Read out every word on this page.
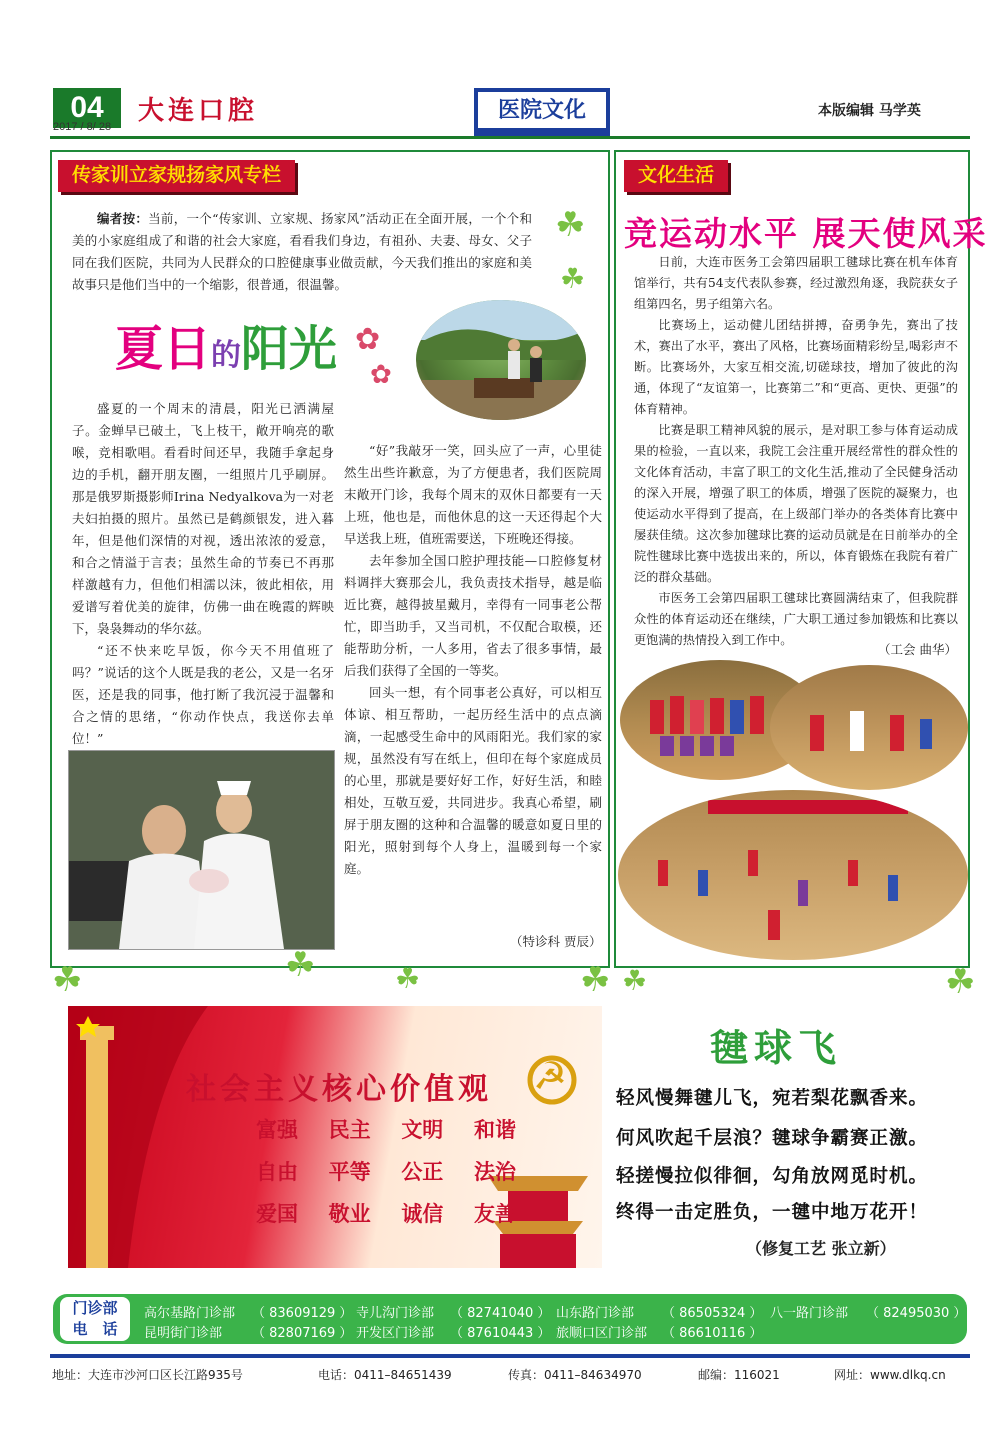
04
2017 / 8/ 28
大连口腔	医院文化	本版编辑 马学英
传家训立家规扬家风专栏

编者按：当前，一个“传家训、立家规、扬家风”活动正在全面开展，一个个和美的小家庭组成了和谐的社会大家庭，看看我们身边，有祖孙、夫妻、母女、父子同在我们医院，共同为人民群众的口腔健康事业做贡献，今天我们推出的家庭和美故事只是他们当中的一个缩影，很普通，很温馨。

☘
☘
✿
✿
夏日的阳光

盛夏的一个周末的清晨，阳光已洒满屋子。金蝉早已破土，飞上枝干，敞开响亮的歌喉，竞相歌唱。看看时间还早，我随手拿起身边的手机，翻开朋友圈，一组照片几乎刷屏。那是俄罗斯摄影师Irina Nedyalkova为一对老夫妇拍摄的照片。虽然已是鹤颜银发，进入暮年，但是他们深情的对视，透出浓浓的爱意，和合之情溢于言表；虽然生命的节奏已不再那样激越有力，但他们相濡以沫，彼此相依，用爱谱写着优美的旋律，仿佛一曲在晚霞的辉映下，袅袅舞动的华尔兹。

“还不快来吃早饭，你今天不用值班了吗？”说话的这个人既是我的老公，又是一名牙医，还是我的同事，他打断了我沉浸于温馨和合之情的思绪，“你动作快点，我送你去单位！”

“好”我敲牙一笑，回头应了一声，心里徒然生出些许歉意，为了方便患者，我们医院周末敞开门诊，我每个周末的双休日都要有一天上班，他也是，而他休息的这一天还得起个大早送我上班，值班需要送，下班晚还得接。

去年参加全国口腔护理技能—口腔修复材料调拌大赛那会儿，我负责技术指导，越是临近比赛，越得披星戴月，幸得有一同事老公帮忙，即当助手，又当司机，不仅配合取模，还能帮助分析，一人多用，省去了很多事情，最后我们获得了全国的一等奖。

回头一想，有个同事老公真好，可以相互体谅、相互帮助，一起历经生活中的点点滴滴，一起感受生命中的风雨阳光。我们家的家规，虽然没有写在纸上，但印在每个家庭成员的心里，那就是要好好工作，好好生活，和睦相处，互敬互爱，共同进步。我真心希望，刷屏于朋友圈的这种和合温馨的暖意如夏日里的阳光，照射到每个人身上，温暖到每一个家庭。

（特诊科 贾辰）
文化生活
竞运动水平 展天使风采

日前，大连市医务工会第四届职工毽球比赛在机车体育馆举行，共有54支代表队参赛，经过激烈角逐，我院获女子组第四名，男子组第六名。

比赛场上，运动健儿团结拼搏，奋勇争先，赛出了技术，赛出了水平，赛出了风格，比赛场面精彩纷呈,喝彩声不断。比赛场外，大家互相交流,切磋球技，增加了彼此的沟通，体现了“友谊第一，比赛第二”和“更高、更快、更强”的体育精神。

比赛是职工精神风貌的展示，是对职工参与体育运动成果的检验，一直以来，我院工会注重开展经常性的群众性的文化体育活动，丰富了职工的文化生活,推动了全民健身活动的深入开展，增强了职工的体质，增强了医院的凝聚力，也使运动水平得到了提高，在上级部门举办的各类体育比赛中屡获佳绩。这次参加毽球比赛的运动员就是在日前举办的全院性毽球比赛中选拔出来的，所以，体育锻炼在我院有着广泛的群众基础。

市医务工会第四届职工毽球比赛圆满结束了，但我院群众性的体育运动还在继续，广大职工通过参加锻炼和比赛以更饱满的热情投入到工作中。

（工会 曲华）
☘	☘	☘	☘ ☘	☘
☭
社会主义核心价值观
富强 民主 文明 和谐
自由 平等 公正 法治
爱国 敬业 诚信 友善
毽球飞
轻风慢舞毽儿飞，宛若梨花飘香来。
何风吹起千层浪？毽球争霸赛正激。
轻搓慢拉似徘徊，勾角放网觅时机。
终得一击定胜负，一毽中地万花开！
（修复工艺 张立新）
门诊部
电　话
高尔基路门诊部 （ 83609129 ） 寺儿沟门诊部 （ 82741040 ） 山东路门诊部 （ 86505324 ） 八一路门诊部 （ 82495030 ）
昆明街门诊部 （ 82807169 ） 开发区门诊部 （ 87610443 ） 旅顺口区门诊部 （ 86610116 ）
地址：大连市沙河口区长江路935号	电话：0411–84651439	传真：0411–84634970	邮编：116021	网址：www.dlkq.cn
